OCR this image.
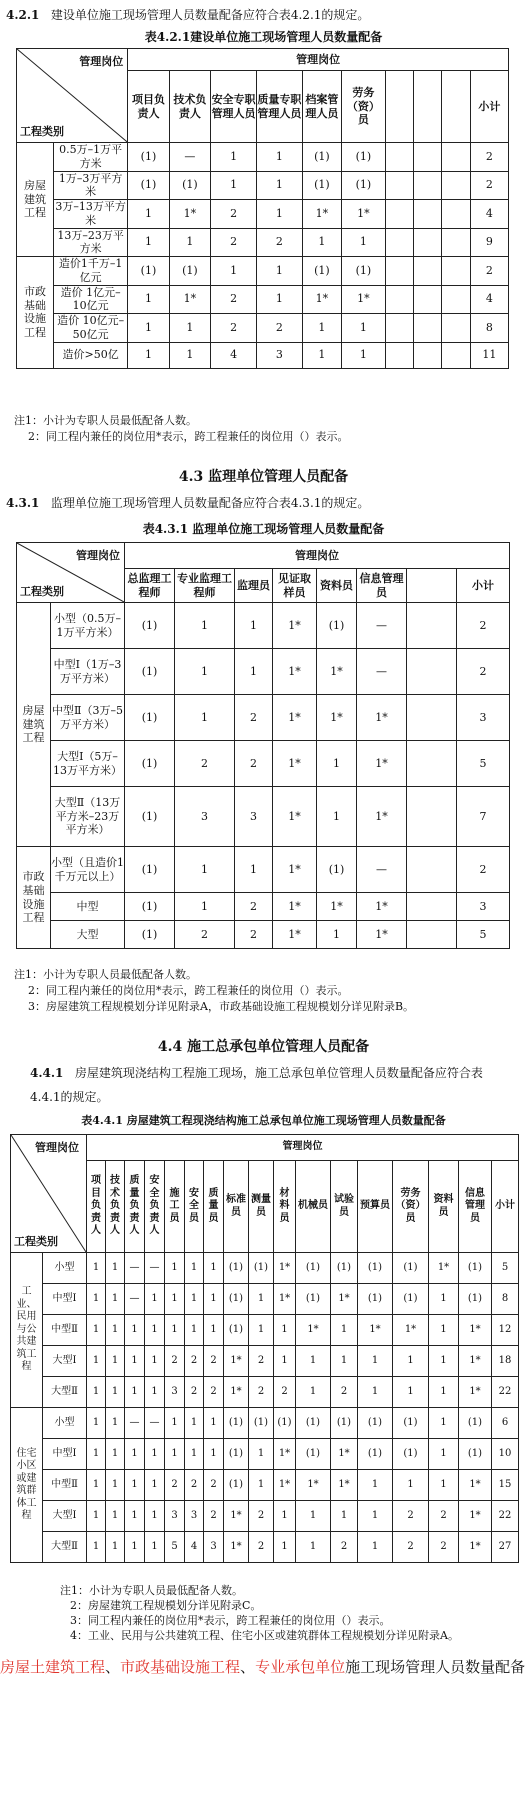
4.2.1 建设单位施工现场管理人员数量配备应符合表4.2.1的规定。
表4.2.1建设单位施工现场管理人员数量配备
管理岗位
工程类别		管理岗位									
		项目负责人	技术负责人	安全专职管理人员	质量专职管理人员	档案管理人员	劳务（资）员				小计
房屋建筑工程	0.5万–1万平方米	(1)	—	1	1	(1)	(1)				2
	1万–3万平方米	(1)	(1)	1	1	(1)	(1)				2
	3万–13万平方米	1	1*	2	1	1*	1*				4
	13万–23万平方米	1	1	2	2	1	1				9
市政基础设施工程	造价1千万–1亿元	(1)	(1)	1	1	(1)	(1)				2
	造价 1亿元–10亿元	1	1*	2	1	1*	1*				4
	造价 10亿元–50亿元	1	1	2	2	1	1				8
	造价>50亿	1	1	4	3	1	1				11
注1：小计为专职人员最低配备人数。
2：同工程内兼任的岗位用*表示，跨工程兼任的岗位用（）表示。
4.3 监理单位管理人员配备
4.3.1 监理单位施工现场管理人员数量配备应符合表4.3.1的规定。
表4.3.1 监理单位施工现场管理人员数量配备
管理岗位
工程类别		管理岗位							
		总监理工程师	专业监理工程师	监理员	见证取样员	资料员	信息管理员		小计
房屋建筑工程	小型（0.5万–1万平方米）	(1)	1	1	1*	(1)	—		2
	中型Ⅰ（1万–3万平方米）	(1)	1	1	1*	1*	—		2
	中型Ⅱ（3万–5万平方米）	(1)	1	2	1*	1*	1*		3
	大型Ⅰ（5万–13万平方米）	(1)	2	2	1*	1	1*		5
	大型Ⅱ（13万平方米–23万平方米）	(1)	3	3	1*	1	1*		7
市政基础设施工程	小型（且造价1千万元以上）	(1)	1	1	1*	(1)	—		2
	中型	(1)	1	2	1*	1*	1*		3
	大型	(1)	2	2	1*	1	1*		5
注1：小计为专职人员最低配备人数。
2：同工程内兼任的岗位用*表示，跨工程兼任的岗位用（）表示。
3：房屋建筑工程规模划分详见附录A，市政基础设施工程规模划分详见附录B。
4.4 施工总承包单位管理人员配备
4.4.1 房屋建筑现浇结构工程施工现场，施工总承包单位管理人员数量配备应符合表
4.4.1的规定。
表4.4.1 房屋建筑工程现浇结构施工总承包单位施工现场管理人员数量配备
管理岗位
工程类别		管理岗位																
		项目负责人	技术负责人	质量负责人	安全负责人	施工员	安全员	质量员	标准员	测量员	材料员	机械员	试验员	预算员	劳务（资）员	资料员	信息管理员	小计
工业、民用与公共建筑工程	小型	1	1	—	—	1	1	1	(1)	(1)	1*	(1)	(1)	(1)	(1)	1*	(1)	5
	中型Ⅰ	1	1	—	1	1	1	1	(1)	1	1*	(1)	1*	(1)	(1)	1	(1)	8
	中型Ⅱ	1	1	1	1	1	1	1	(1)	1	1	1*	1	1*	1*	1	1*	12
	大型Ⅰ	1	1	1	1	2	2	2	1*	2	1	1	1	1	1	1	1*	18
	大型Ⅱ	1	1	1	1	3	2	2	1*	2	2	1	2	1	1	1	1*	22
住宅小区或建筑群体工程	小型	1	1	—	—	1	1	1	(1)	(1)	(1)	(1)	(1)	(1)	(1)	1	(1)	6
	中型Ⅰ	1	1	1	1	1	1	1	(1)	1	1*	(1)	1*	(1)	(1)	1	(1)	10
	中型Ⅱ	1	1	1	1	2	2	2	(1)	1	1*	1*	1*	1	1	1	1*	15
	大型Ⅰ	1	1	1	1	3	3	2	1*	2	1	1	1	1	2	2	1*	22
	大型Ⅱ	1	1	1	1	5	4	3	1*	2	1	1	2	1	2	2	1*	27
注1：小计为专职人员最低配备人数。
2：房屋建筑工程规模划分详见附录C。
3：同工程内兼任的岗位用*表示，跨工程兼任的岗位用（）表示。
4：工业、民用与公共建筑工程、住宅小区或建筑群体工程规模划分详见附录A。
房屋土建筑工程、市政基础设施工程、专业承包单位施工现场管理人员数量配备
